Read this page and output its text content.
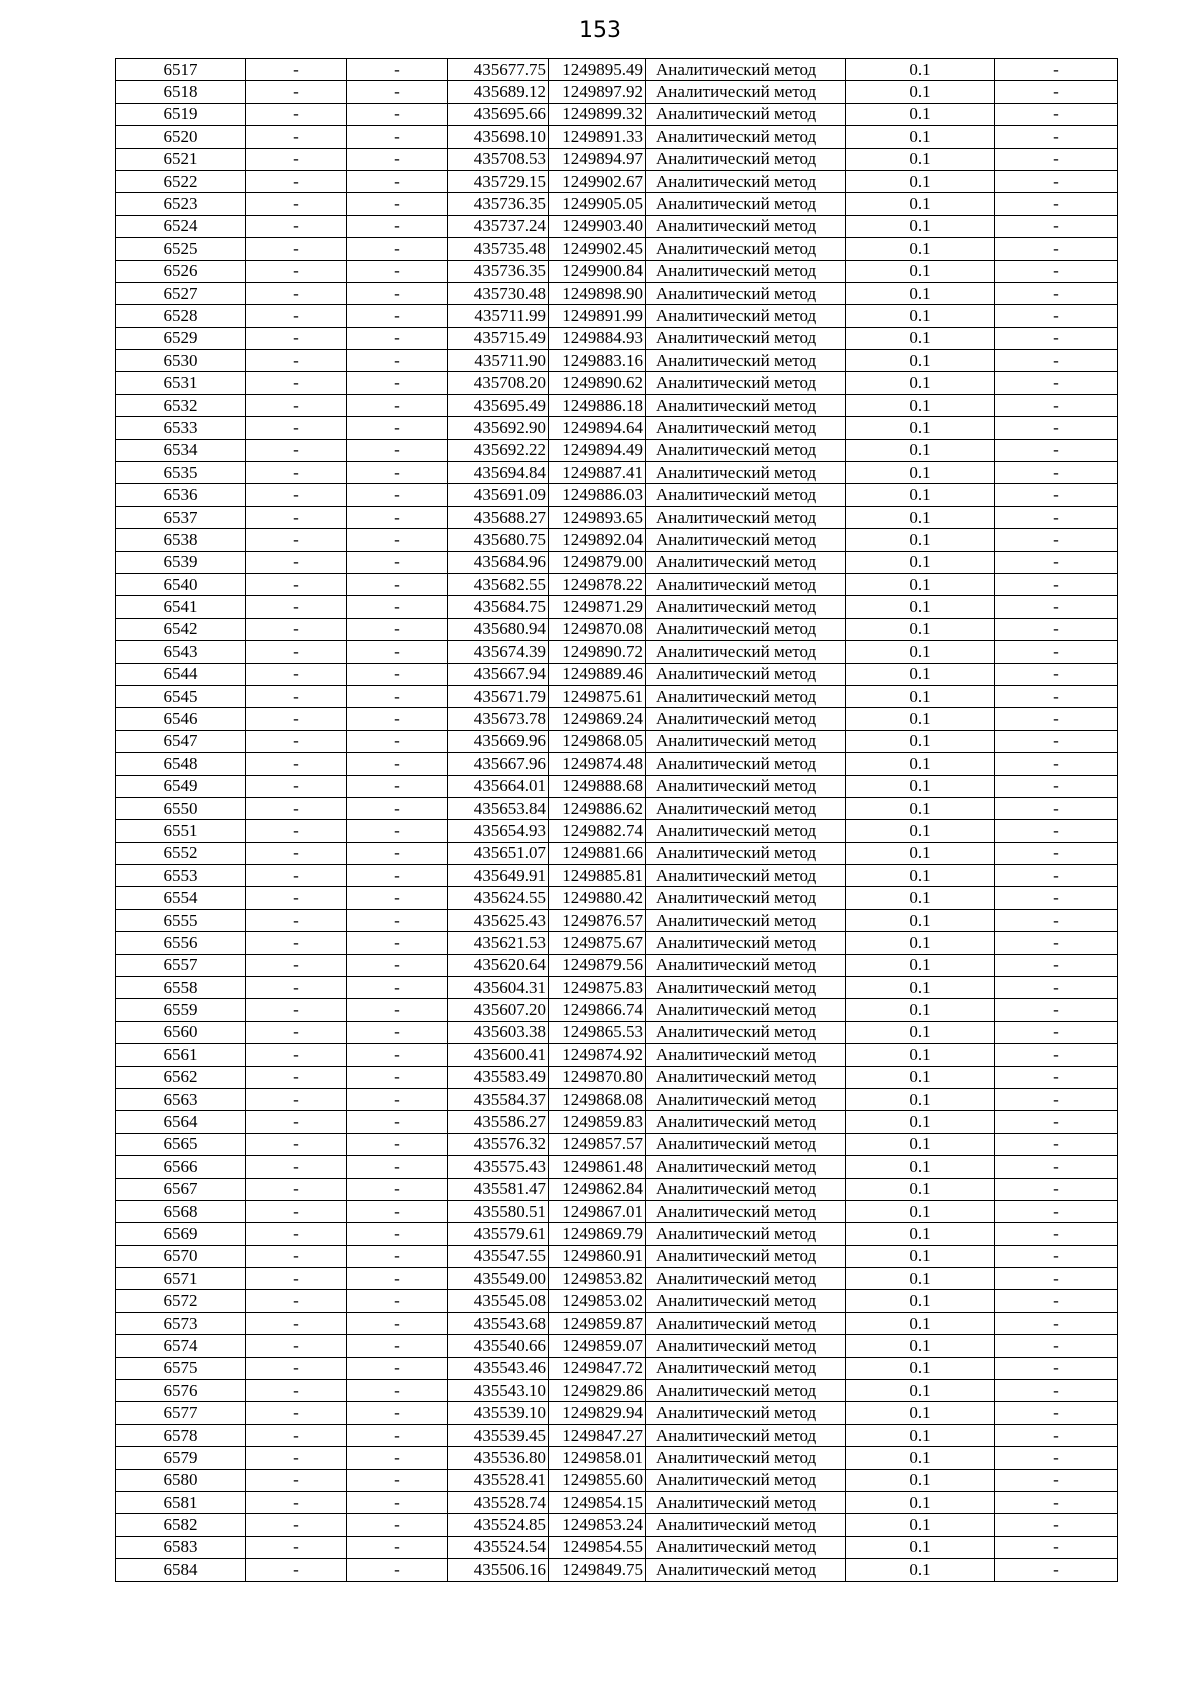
153
6517	-	-	435677.75	1249895.49	Аналитический метод	0.1	-
6518	-	-	435689.12	1249897.92	Аналитический метод	0.1	-
6519	-	-	435695.66	1249899.32	Аналитический метод	0.1	-
6520	-	-	435698.10	1249891.33	Аналитический метод	0.1	-
6521	-	-	435708.53	1249894.97	Аналитический метод	0.1	-
6522	-	-	435729.15	1249902.67	Аналитический метод	0.1	-
6523	-	-	435736.35	1249905.05	Аналитический метод	0.1	-
6524	-	-	435737.24	1249903.40	Аналитический метод	0.1	-
6525	-	-	435735.48	1249902.45	Аналитический метод	0.1	-
6526	-	-	435736.35	1249900.84	Аналитический метод	0.1	-
6527	-	-	435730.48	1249898.90	Аналитический метод	0.1	-
6528	-	-	435711.99	1249891.99	Аналитический метод	0.1	-
6529	-	-	435715.49	1249884.93	Аналитический метод	0.1	-
6530	-	-	435711.90	1249883.16	Аналитический метод	0.1	-
6531	-	-	435708.20	1249890.62	Аналитический метод	0.1	-
6532	-	-	435695.49	1249886.18	Аналитический метод	0.1	-
6533	-	-	435692.90	1249894.64	Аналитический метод	0.1	-
6534	-	-	435692.22	1249894.49	Аналитический метод	0.1	-
6535	-	-	435694.84	1249887.41	Аналитический метод	0.1	-
6536	-	-	435691.09	1249886.03	Аналитический метод	0.1	-
6537	-	-	435688.27	1249893.65	Аналитический метод	0.1	-
6538	-	-	435680.75	1249892.04	Аналитический метод	0.1	-
6539	-	-	435684.96	1249879.00	Аналитический метод	0.1	-
6540	-	-	435682.55	1249878.22	Аналитический метод	0.1	-
6541	-	-	435684.75	1249871.29	Аналитический метод	0.1	-
6542	-	-	435680.94	1249870.08	Аналитический метод	0.1	-
6543	-	-	435674.39	1249890.72	Аналитический метод	0.1	-
6544	-	-	435667.94	1249889.46	Аналитический метод	0.1	-
6545	-	-	435671.79	1249875.61	Аналитический метод	0.1	-
6546	-	-	435673.78	1249869.24	Аналитический метод	0.1	-
6547	-	-	435669.96	1249868.05	Аналитический метод	0.1	-
6548	-	-	435667.96	1249874.48	Аналитический метод	0.1	-
6549	-	-	435664.01	1249888.68	Аналитический метод	0.1	-
6550	-	-	435653.84	1249886.62	Аналитический метод	0.1	-
6551	-	-	435654.93	1249882.74	Аналитический метод	0.1	-
6552	-	-	435651.07	1249881.66	Аналитический метод	0.1	-
6553	-	-	435649.91	1249885.81	Аналитический метод	0.1	-
6554	-	-	435624.55	1249880.42	Аналитический метод	0.1	-
6555	-	-	435625.43	1249876.57	Аналитический метод	0.1	-
6556	-	-	435621.53	1249875.67	Аналитический метод	0.1	-
6557	-	-	435620.64	1249879.56	Аналитический метод	0.1	-
6558	-	-	435604.31	1249875.83	Аналитический метод	0.1	-
6559	-	-	435607.20	1249866.74	Аналитический метод	0.1	-
6560	-	-	435603.38	1249865.53	Аналитический метод	0.1	-
6561	-	-	435600.41	1249874.92	Аналитический метод	0.1	-
6562	-	-	435583.49	1249870.80	Аналитический метод	0.1	-
6563	-	-	435584.37	1249868.08	Аналитический метод	0.1	-
6564	-	-	435586.27	1249859.83	Аналитический метод	0.1	-
6565	-	-	435576.32	1249857.57	Аналитический метод	0.1	-
6566	-	-	435575.43	1249861.48	Аналитический метод	0.1	-
6567	-	-	435581.47	1249862.84	Аналитический метод	0.1	-
6568	-	-	435580.51	1249867.01	Аналитический метод	0.1	-
6569	-	-	435579.61	1249869.79	Аналитический метод	0.1	-
6570	-	-	435547.55	1249860.91	Аналитический метод	0.1	-
6571	-	-	435549.00	1249853.82	Аналитический метод	0.1	-
6572	-	-	435545.08	1249853.02	Аналитический метод	0.1	-
6573	-	-	435543.68	1249859.87	Аналитический метод	0.1	-
6574	-	-	435540.66	1249859.07	Аналитический метод	0.1	-
6575	-	-	435543.46	1249847.72	Аналитический метод	0.1	-
6576	-	-	435543.10	1249829.86	Аналитический метод	0.1	-
6577	-	-	435539.10	1249829.94	Аналитический метод	0.1	-
6578	-	-	435539.45	1249847.27	Аналитический метод	0.1	-
6579	-	-	435536.80	1249858.01	Аналитический метод	0.1	-
6580	-	-	435528.41	1249855.60	Аналитический метод	0.1	-
6581	-	-	435528.74	1249854.15	Аналитический метод	0.1	-
6582	-	-	435524.85	1249853.24	Аналитический метод	0.1	-
6583	-	-	435524.54	1249854.55	Аналитический метод	0.1	-
6584	-	-	435506.16	1249849.75	Аналитический метод	0.1	-
